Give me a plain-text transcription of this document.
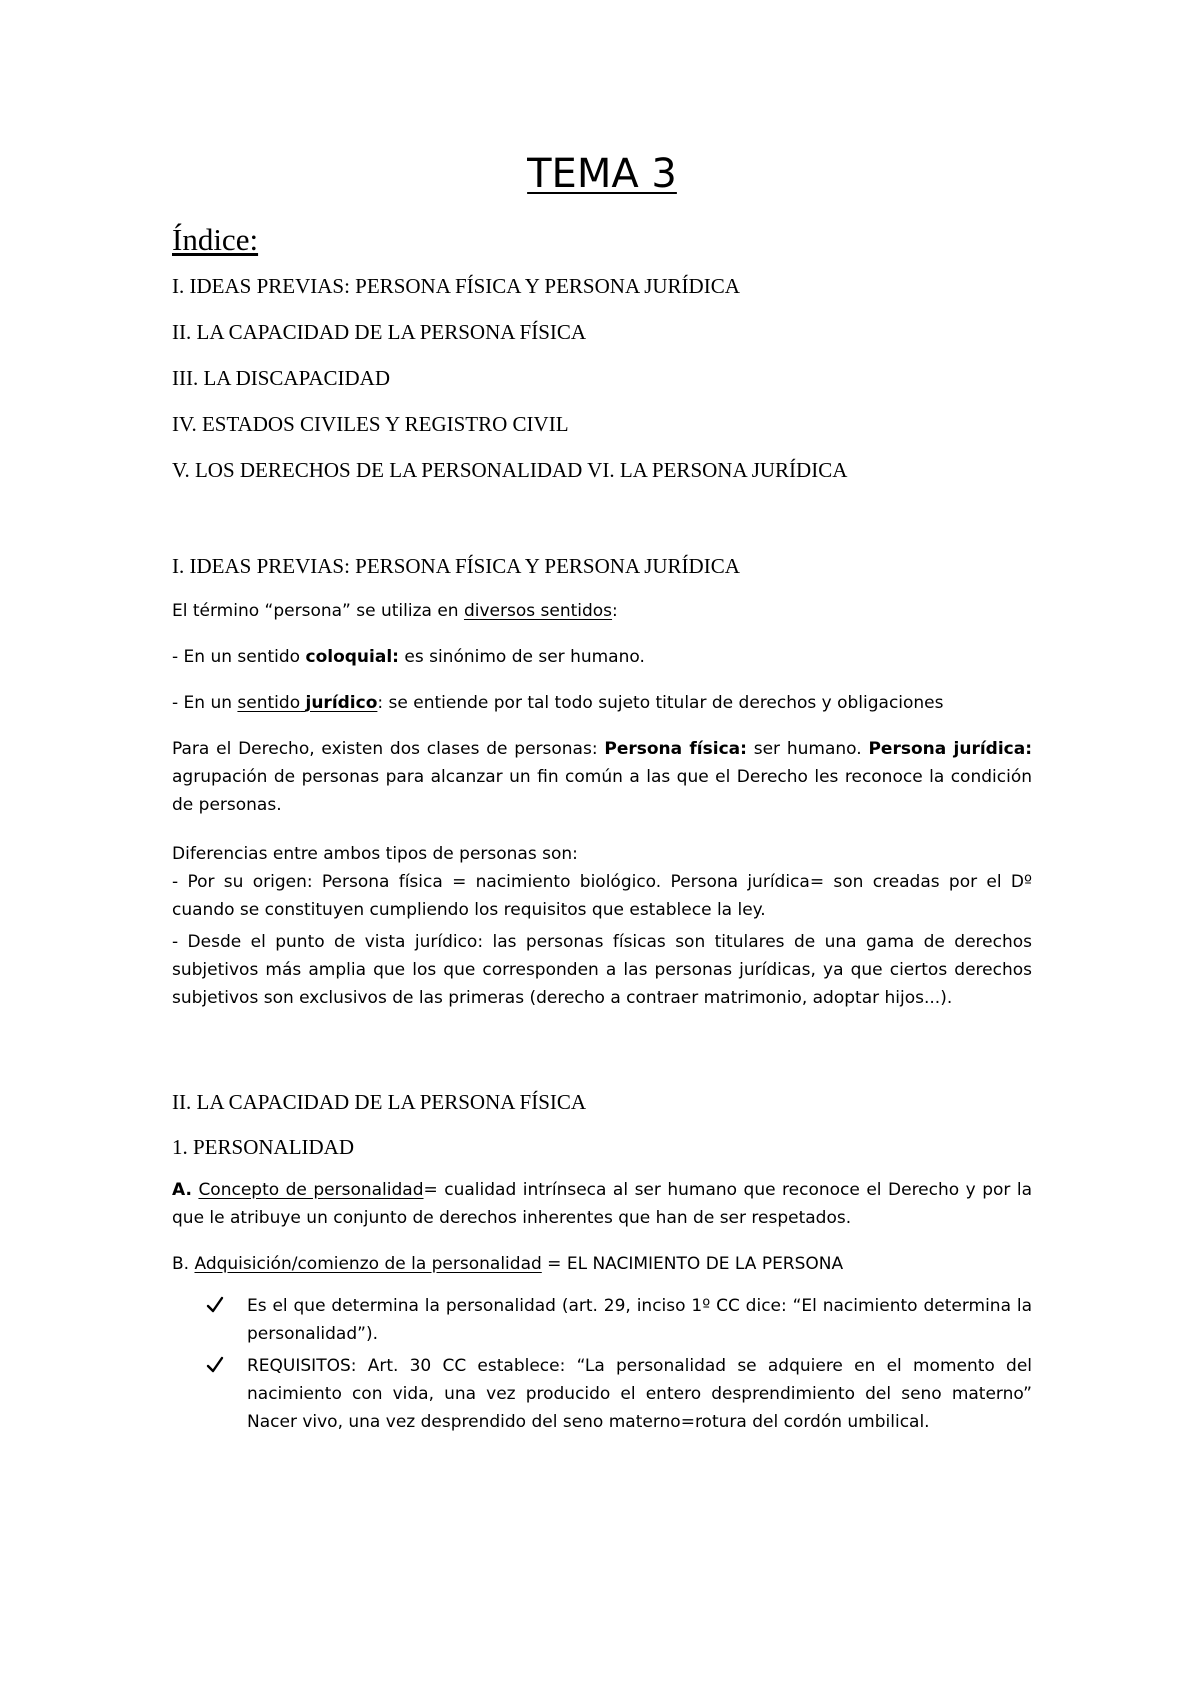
TEMA 3
Índice:
I. IDEAS PREVIAS: PERSONA FÍSICA Y PERSONA JURÍDICA
II. LA CAPACIDAD DE LA PERSONA FÍSICA
III. LA DISCAPACIDAD
IV. ESTADOS CIVILES Y REGISTRO CIVIL
V. LOS DERECHOS DE LA PERSONALIDAD VI. LA PERSONA JURÍDICA
I. IDEAS PREVIAS: PERSONA FÍSICA Y PERSONA JURÍDICA
El término “persona” se utiliza en diversos sentidos:
- En un sentido coloquial: es sinónimo de ser humano.
- En un sentido jurídico: se entiende por tal todo sujeto titular de derechos y obligaciones
Para el Derecho, existen dos clases de personas: Persona física: ser humano. Persona jurídica: agrupación de personas para alcanzar un fin común a las que el Derecho les reconoce la condición de personas.
Diferencias entre ambos tipos de personas son:
- Por su origen: Persona física = nacimiento biológico. Persona jurídica= son creadas por el Dº cuando se constituyen cumpliendo los requisitos que establece la ley.
- Desde el punto de vista jurídico: las personas físicas son titulares de una gama de derechos subjetivos más amplia que los que corresponden a las personas jurídicas, ya que ciertos derechos subjetivos son exclusivos de las primeras (derecho a contraer matrimonio, adoptar hijos...).
II. LA CAPACIDAD DE LA PERSONA FÍSICA
1. PERSONALIDAD
A. Concepto de personalidad= cualidad intrínseca al ser humano que reconoce el Derecho y por la que le atribuye un conjunto de derechos inherentes que han de ser respetados.
B. Adquisición/comienzo de la personalidad = EL NACIMIENTO DE LA PERSONA
Es el que determina la personalidad (art. 29, inciso 1º CC dice: “El nacimiento determina la personalidad”).
REQUISITOS: Art. 30 CC establece: “La personalidad se adquiere en el momento del nacimiento con vida, una vez producido el entero desprendimiento del seno materno” Nacer vivo, una vez desprendido del seno materno=rotura del cordón umbilical.
